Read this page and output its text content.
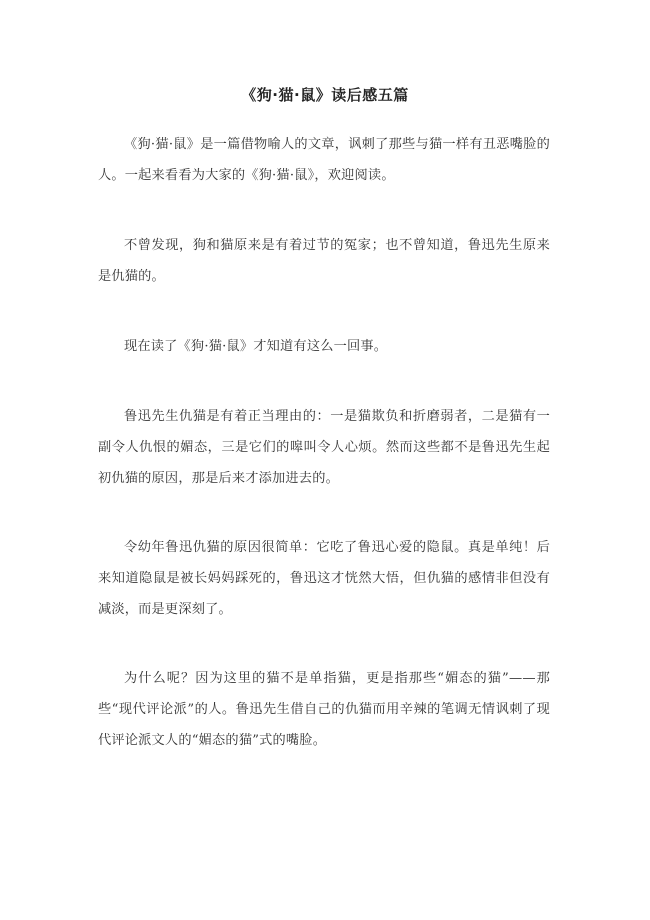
《狗·猫·鼠》读后感五篇

《狗·猫·鼠》是一篇借物喻人的文章，讽刺了那些与猫一样有丑恶嘴脸的人。一起来看看为大家的《狗·猫·鼠》，欢迎阅读。

不曾发现，狗和猫原来是有着过节的冤家；也不曾知道，鲁迅先生原来是仇猫的。

现在读了《狗·猫·鼠》才知道有这么一回事。

鲁迅先生仇猫是有着正当理由的：一是猫欺负和折磨弱者，二是猫有一副令人仇恨的媚态，三是它们的嗥叫令人心烦。然而这些都不是鲁迅先生起初仇猫的原因，那是后来才添加进去的。

令幼年鲁迅仇猫的原因很简单：它吃了鲁迅心爱的隐鼠。真是单纯！后来知道隐鼠是被长妈妈踩死的，鲁迅这才恍然大悟，但仇猫的感情非但没有减淡，而是更深刻了。

为什么呢？因为这里的猫不是单指猫，更是指那些“媚态的猫”——那些“现代评论派”的人。鲁迅先生借自己的仇猫而用辛辣的笔调无情讽刺了现代评论派文人的“媚态的猫”式的嘴脸。
